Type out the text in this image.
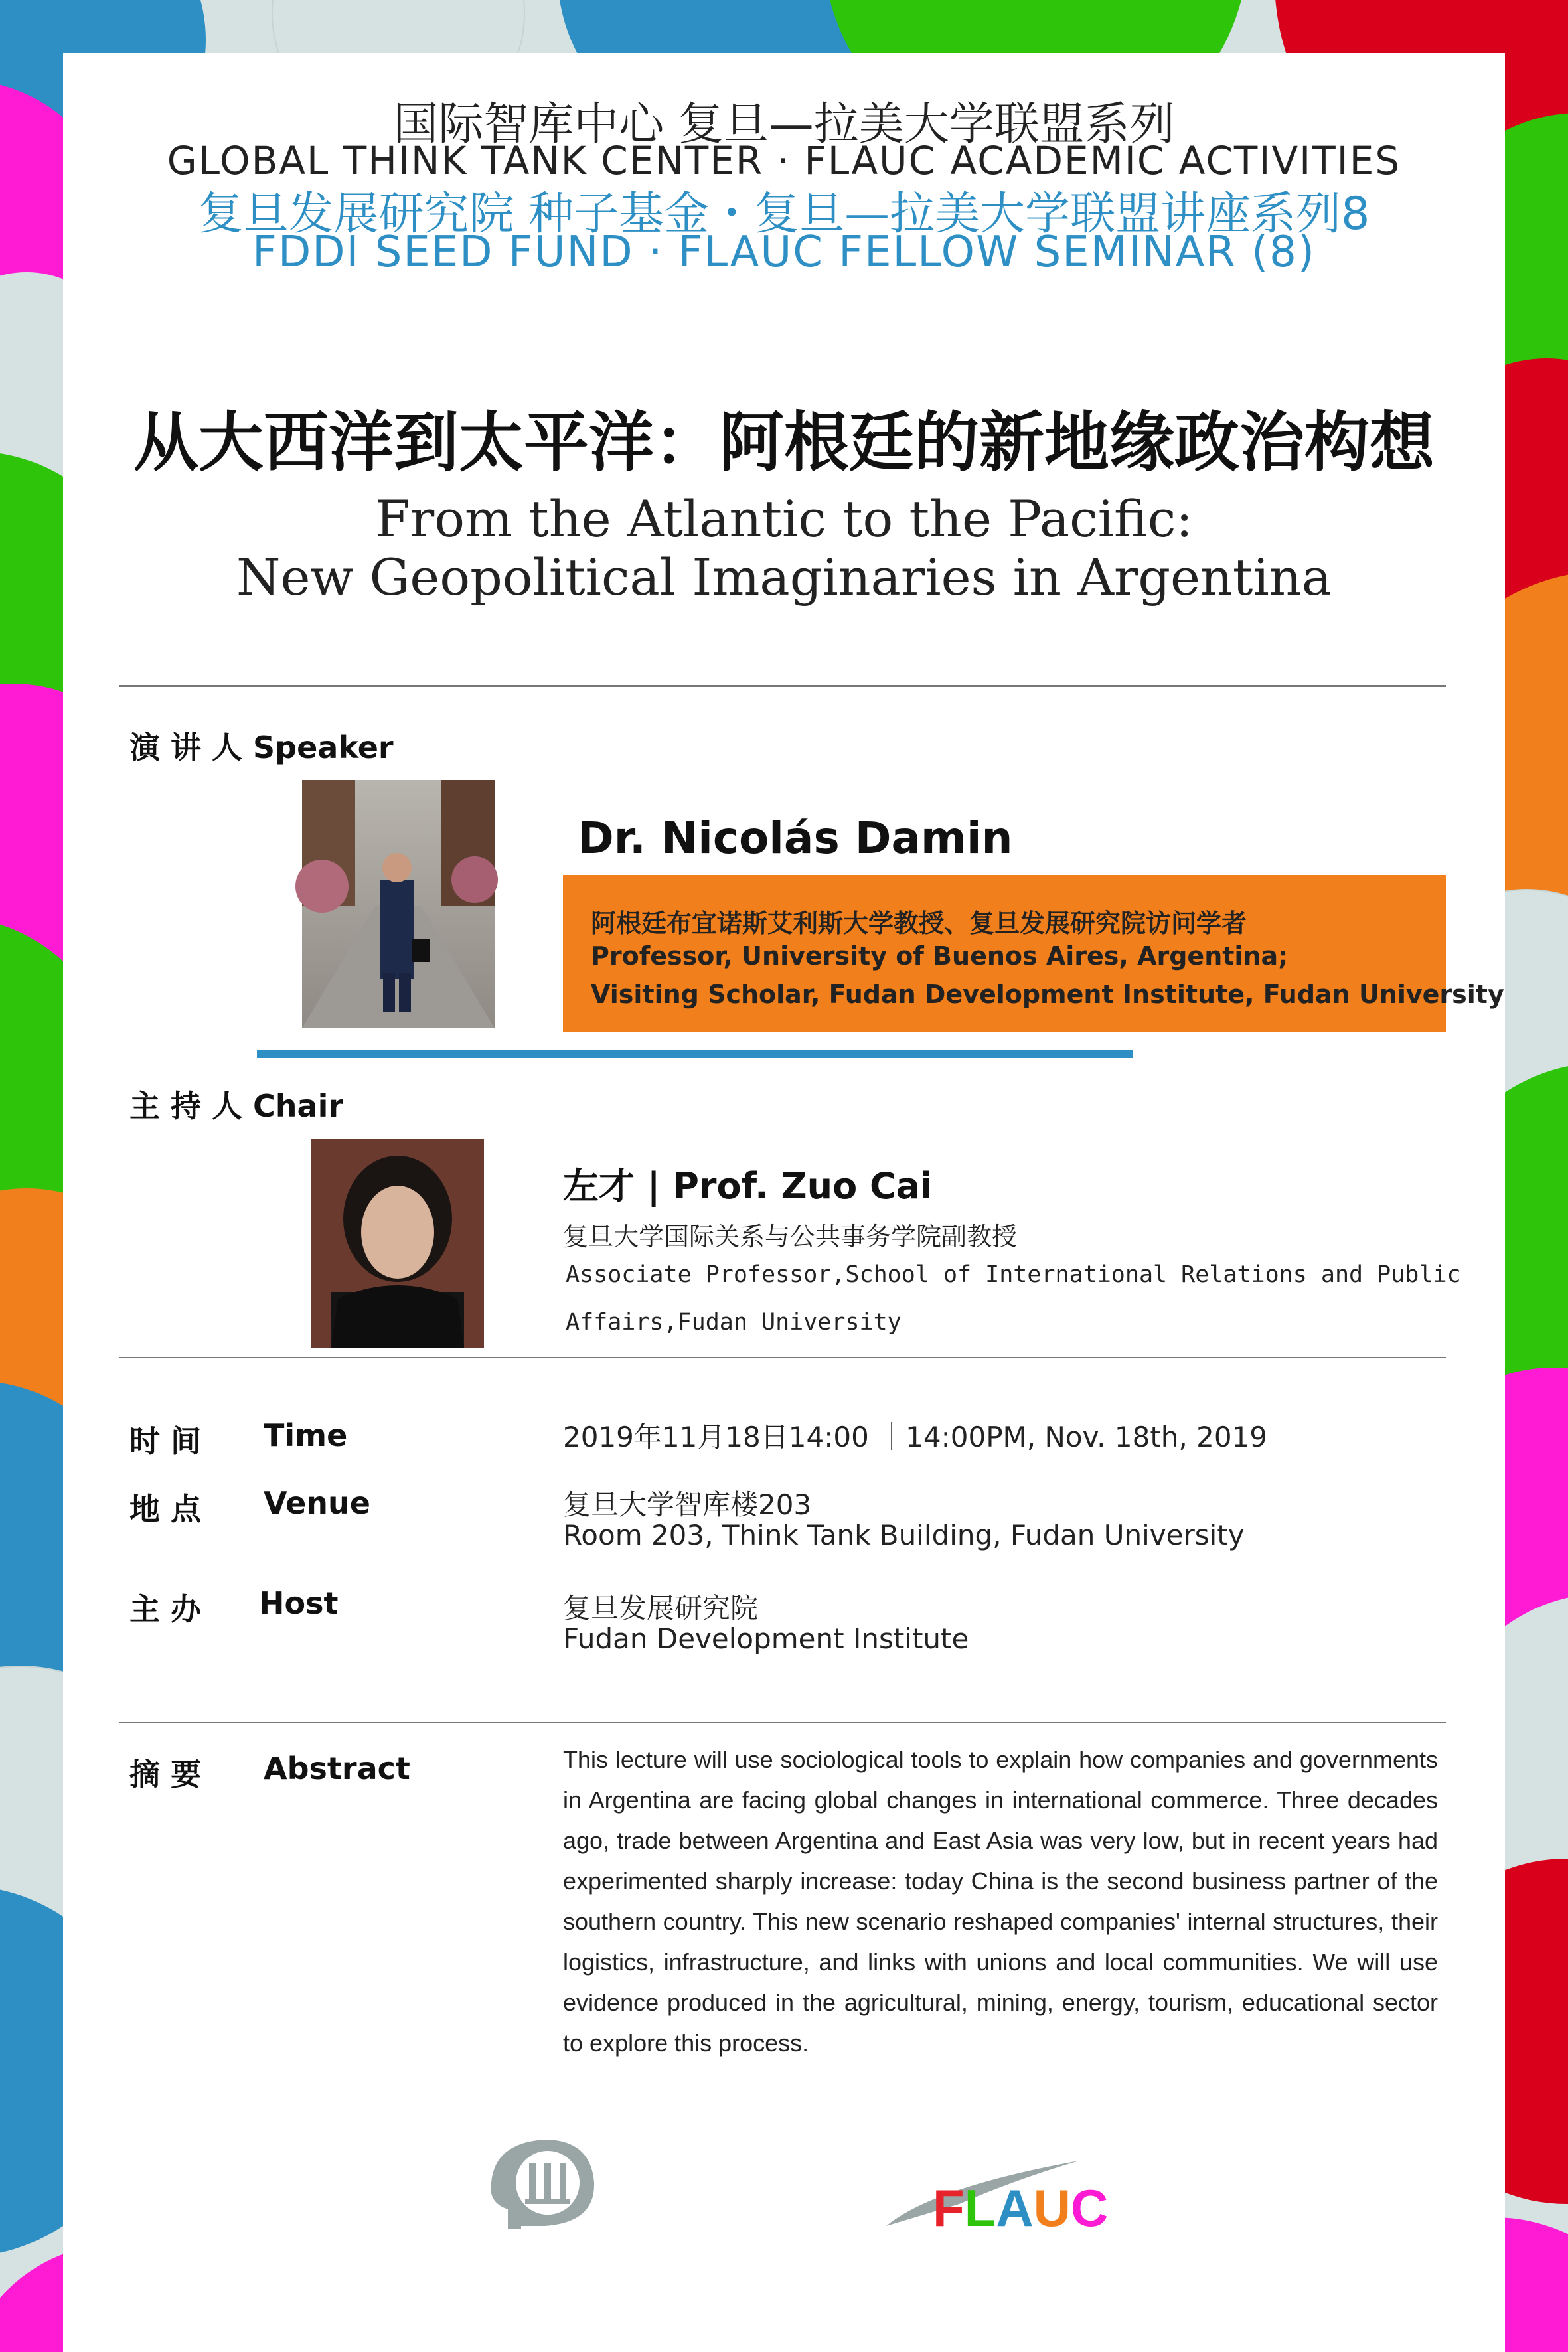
国际智库中心 复旦—拉美大学联盟系列
GLOBAL THINK TANK CENTER · FLAUC ACADEMIC ACTIVITIES
复旦发展研究院 种子基金・复旦—拉美大学联盟讲座系列8
FDDI SEED FUND · FLAUC FELLOW SEMINAR (8)
从大西洋到太平洋：阿根廷的新地缘政治构想
From the Atlantic to the Pacific:
New Geopolitical Imaginaries in Argentina
演 讲 人 Speaker
Dr. Nicolás Damin
阿根廷布宜诺斯艾利斯大学教授、复旦发展研究院访问学者
Professor, University of Buenos Aires, Argentina;
Visiting Scholar, Fudan Development Institute, Fudan University
主 持 人 Chair
左才 | Prof. Zuo Cai
复旦大学国际关系与公共事务学院副教授
Associate Professor,School of International Relations and Public
Affairs,Fudan University
时 间 Time	2019年11月18日14:00 ｜14:00PM, Nov. 18th, 2019
地 点 Venue	复旦大学智库楼203
Room 203, Think Tank Building, Fudan University
主 办 Host	复旦发展研究院
Fudan Development Institute
摘 要 Abstract	This lecture will use sociological tools to explain how companies and governments in Argentina are facing global changes in international commerce. Three decades ago, trade between Argentina and East Asia was very low, but in recent years had experimented sharply increase: today China is the second business partner of the southern country. This new scenario reshaped companies' internal structures, their logistics, infrastructure, and links with unions and local communities. We will use evidence produced in the agricultural, mining, energy, tourism, educational sector to explore this process.
FLAUC
